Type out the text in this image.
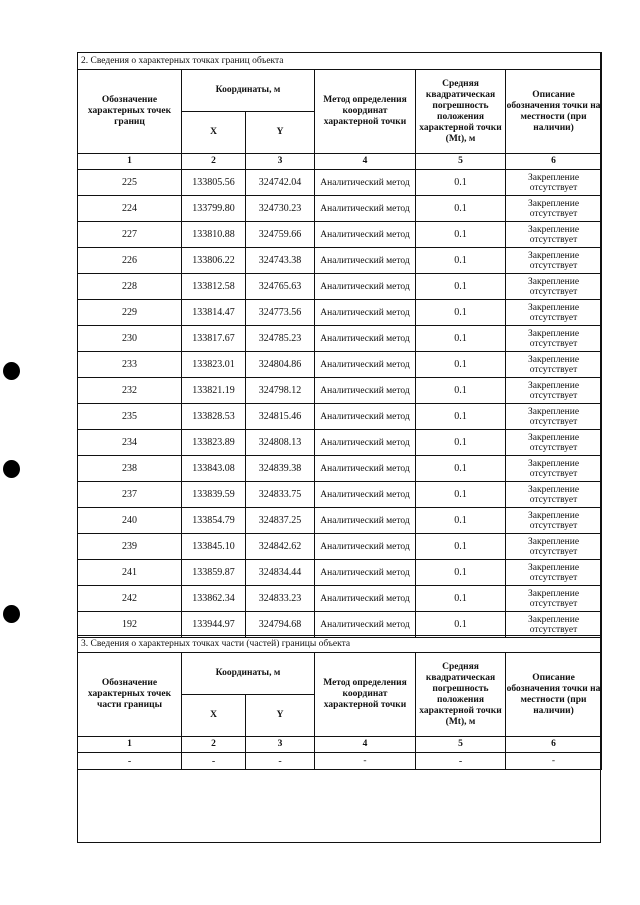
2. Сведения о характерных точках границ объекта					
Обозначение характерных точек границ	Координаты, м		Метод определения координат характерной точки	Средняя квадратическая погрешность положения характерной точки (Mt), м	Описание обозначения точки на местности (при наличии)
	X	Y			
1	2	3	4	5	6
225	133805.56	324742.04	Аналитический метод	0.1	Закрепление отсутствует
224	133799.80	324730.23	Аналитический метод	0.1	Закрепление отсутствует
227	133810.88	324759.66	Аналитический метод	0.1	Закрепление отсутствует
226	133806.22	324743.38	Аналитический метод	0.1	Закрепление отсутствует
228	133812.58	324765.63	Аналитический метод	0.1	Закрепление отсутствует
229	133814.47	324773.56	Аналитический метод	0.1	Закрепление отсутствует
230	133817.67	324785.23	Аналитический метод	0.1	Закрепление отсутствует
233	133823.01	324804.86	Аналитический метод	0.1	Закрепление отсутствует
232	133821.19	324798.12	Аналитический метод	0.1	Закрепление отсутствует
235	133828.53	324815.46	Аналитический метод	0.1	Закрепление отсутствует
234	133823.89	324808.13	Аналитический метод	0.1	Закрепление отсутствует
238	133843.08	324839.38	Аналитический метод	0.1	Закрепление отсутствует
237	133839.59	324833.75	Аналитический метод	0.1	Закрепление отсутствует
240	133854.79	324837.25	Аналитический метод	0.1	Закрепление отсутствует
239	133845.10	324842.62	Аналитический метод	0.1	Закрепление отсутствует
241	133859.87	324834.44	Аналитический метод	0.1	Закрепление отсутствует
242	133862.34	324833.23	Аналитический метод	0.1	Закрепление отсутствует
192	133944.97	324794.68	Аналитический метод	0.1	Закрепление отсутствует
3. Сведения о характерных точках части (частей) границы объекта					
Обозначение характерных точек части границы	Координаты, м		Метод определения координат характерной точки	Средняя квадратическая погрешность положения характерной точки (Mt), м	Описание обозначения точки на местности (при наличии)
	X	Y			
1	2	3	4	5	6
-	-	-	-	-	-
